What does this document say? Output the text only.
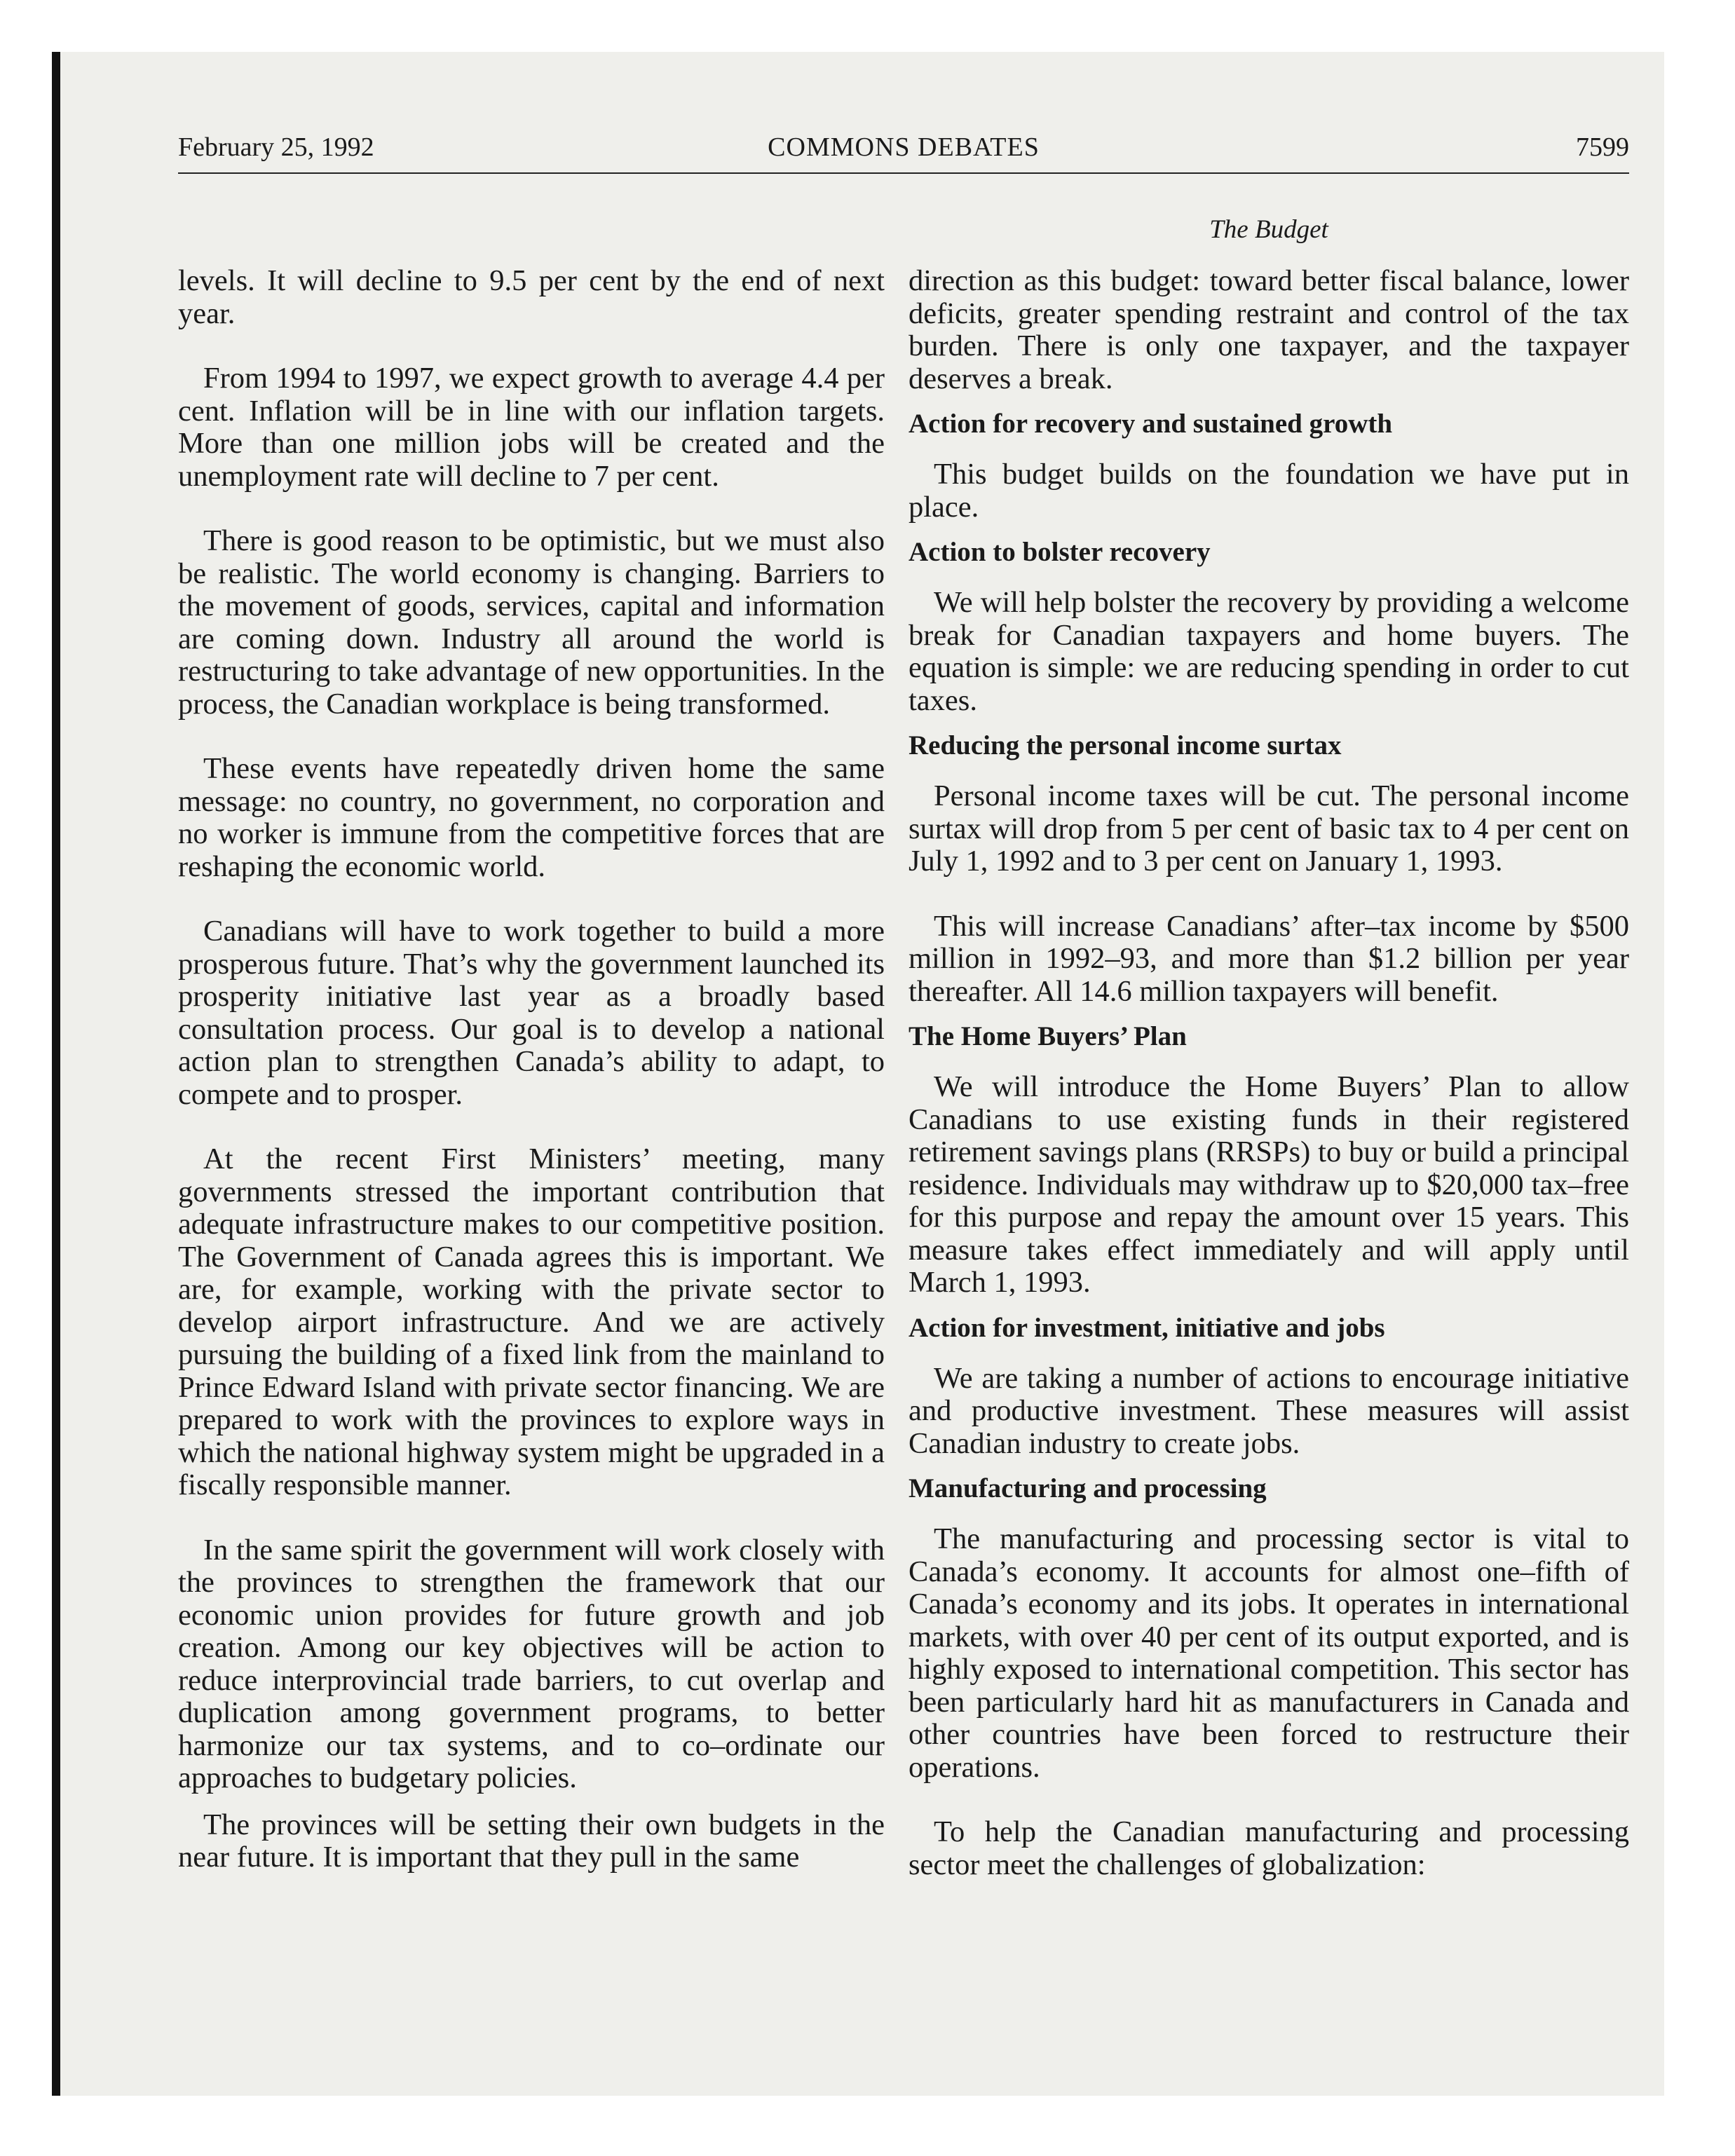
February 25, 1992	COMMONS DEBATES	7599
The Budget

levels. It will decline to 9.5 per cent by the end of next year.

From 1994 to 1997, we expect growth to average 4.4 per cent. Inflation will be in line with our inflation targets. More than one million jobs will be created and the unemployment rate will decline to 7 per cent.

There is good reason to be optimistic, but we must also be realistic. The world economy is changing. Barriers to the movement of goods, services, capital and information are coming down. Industry all around the world is restructuring to take advantage of new opportunities. In the process, the Canadian workplace is being transformed.

These events have repeatedly driven home the same message: no country, no government, no corporation and no worker is immune from the competitive forces that are reshaping the economic world.

Canadians will have to work together to build a more prosperous future. That’s why the government launched its prosperity initiative last year as a broadly based consultation process. Our goal is to develop a national action plan to strengthen Canada’s ability to adapt, to compete and to prosper.

At the recent First Ministers’ meeting, many governments stressed the important contribution that adequate infrastructure makes to our competitive position. The Government of Canada agrees this is important. We are, for example, working with the private sector to develop airport infrastructure. And we are actively pursuing the building of a fixed link from the mainland to Prince Edward Island with private sector financing. We are prepared to work with the provinces to explore ways in which the national highway system might be upgraded in a fiscally responsible manner.

In the same spirit the government will work closely with the provinces to strengthen the framework that our economic union provides for future growth and job creation. Among our key objectives will be action to reduce interprovincial trade barriers, to cut overlap and duplication among government programs, to better harmonize our tax systems, and to co–ordinate our approaches to budgetary policies.

The provinces will be setting their own budgets in the near future. It is important that they pull in the same

direction as this budget: toward better fiscal balance, lower deficits, greater spending restraint and control of the tax burden. There is only one taxpayer, and the taxpayer deserves a break.

Action for recovery and sustained growth

This budget builds on the foundation we have put in place.

Action to bolster recovery

We will help bolster the recovery by providing a welcome break for Canadian taxpayers and home buyers. The equation is simple: we are reducing spending in order to cut taxes.

Reducing the personal income surtax

Personal income taxes will be cut. The personal income surtax will drop from 5 per cent of basic tax to 4 per cent on July 1, 1992 and to 3 per cent on January 1, 1993.

This will increase Canadians’ after–tax income by $500 million in 1992–93, and more than $1.2 billion per year thereafter. All 14.6 million taxpayers will benefit.

The Home Buyers’ Plan

We will introduce the Home Buyers’ Plan to allow Canadians to use existing funds in their registered retirement savings plans (RRSPs) to buy or build a principal residence. Individuals may withdraw up to $20,000 tax–free for this purpose and repay the amount over 15 years. This measure takes effect immediately and will apply until March 1, 1993.

Action for investment, initiative and jobs

We are taking a number of actions to encourage initiative and productive investment. These measures will assist Canadian industry to create jobs.

Manufacturing and processing

The manufacturing and processing sector is vital to Canada’s economy. It accounts for almost one–fifth of Canada’s economy and its jobs. It operates in international markets, with over 40 per cent of its output exported, and is highly exposed to international competition. This sector has been particularly hard hit as manufacturers in Canada and other countries have been forced to restructure their operations.

To help the Canadian manufacturing and processing sector meet the challenges of globalization:
